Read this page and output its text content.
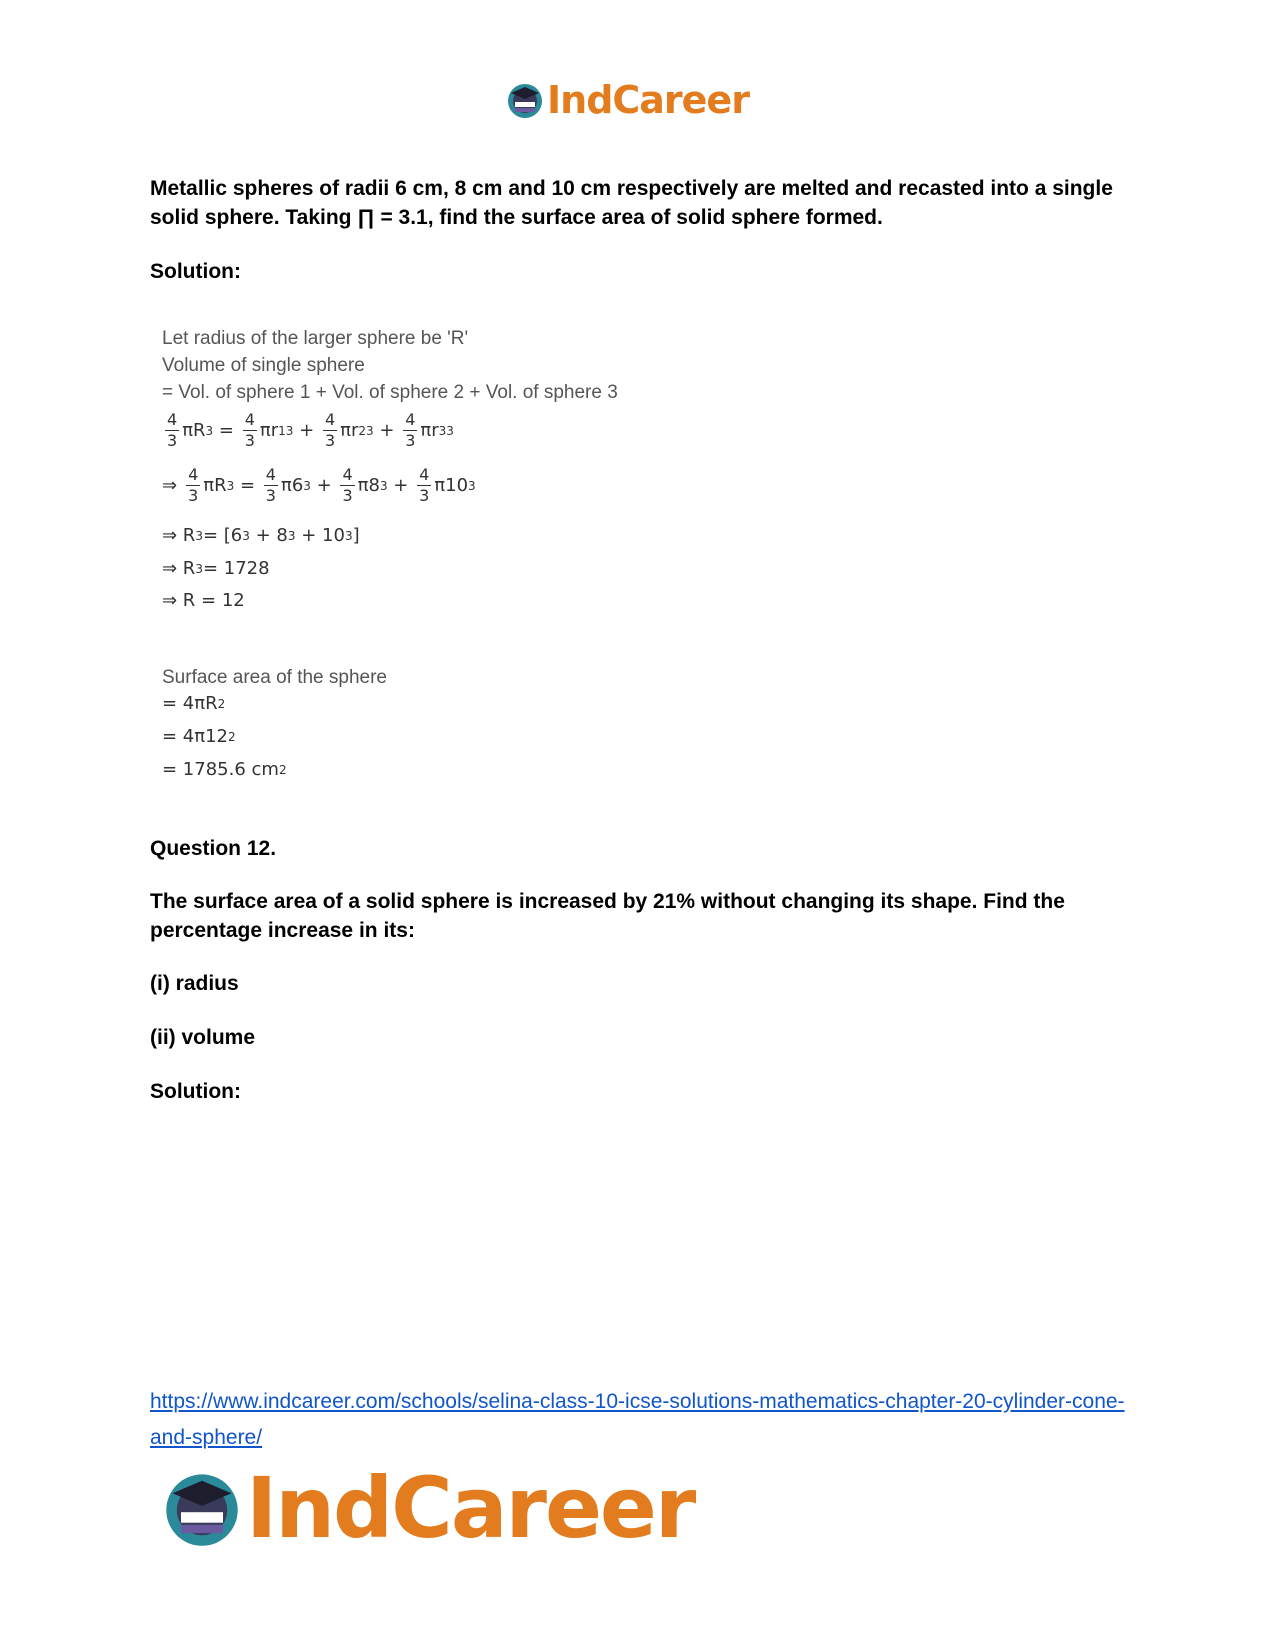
IndCareer

Metallic spheres of radii 6 cm, 8 cm and 10 cm respectively are melted and recasted into a single solid sphere. Taking ∏ = 3.1, find the surface area of solid sphere formed.

Solution:

Let radius of the larger sphere be 'R'

Volume of single sphere

= Vol. of sphere 1 + Vol. of sphere 2 + Vol. of sphere 3

$\frac{4}{3}$ πR $3 = \frac{4}{3}$ πr 1 $3 + \frac{4}{3}$ πr 2 $3 + \frac{4}{3}$ πr 3 3
⇒ $\frac{4}{3}$ πR $3 = \frac{4}{3} \pi 6$ $3 + \frac{4}{3} \pi 8$ $3 + \frac{4}{3} \pi 10$ 3
⇒ R 3 = [6 3 + 8 3 + 10 3 ]
⇒ R 3 = 1728
⇒ R = 12

Surface area of the sphere

= 4πR 2
= 4π12 2
= 1785.6 cm 2

Question 12.

The surface area of a solid sphere is increased by 21% without changing its shape. Find the percentage increase in its:

(i) radius

(ii) volume

Solution:

https://www.indcareer.com/schools/selina-class-10-icse-solutions-mathematics-chapter-20-cylinder-cone-and-sphere/
IndCareer
